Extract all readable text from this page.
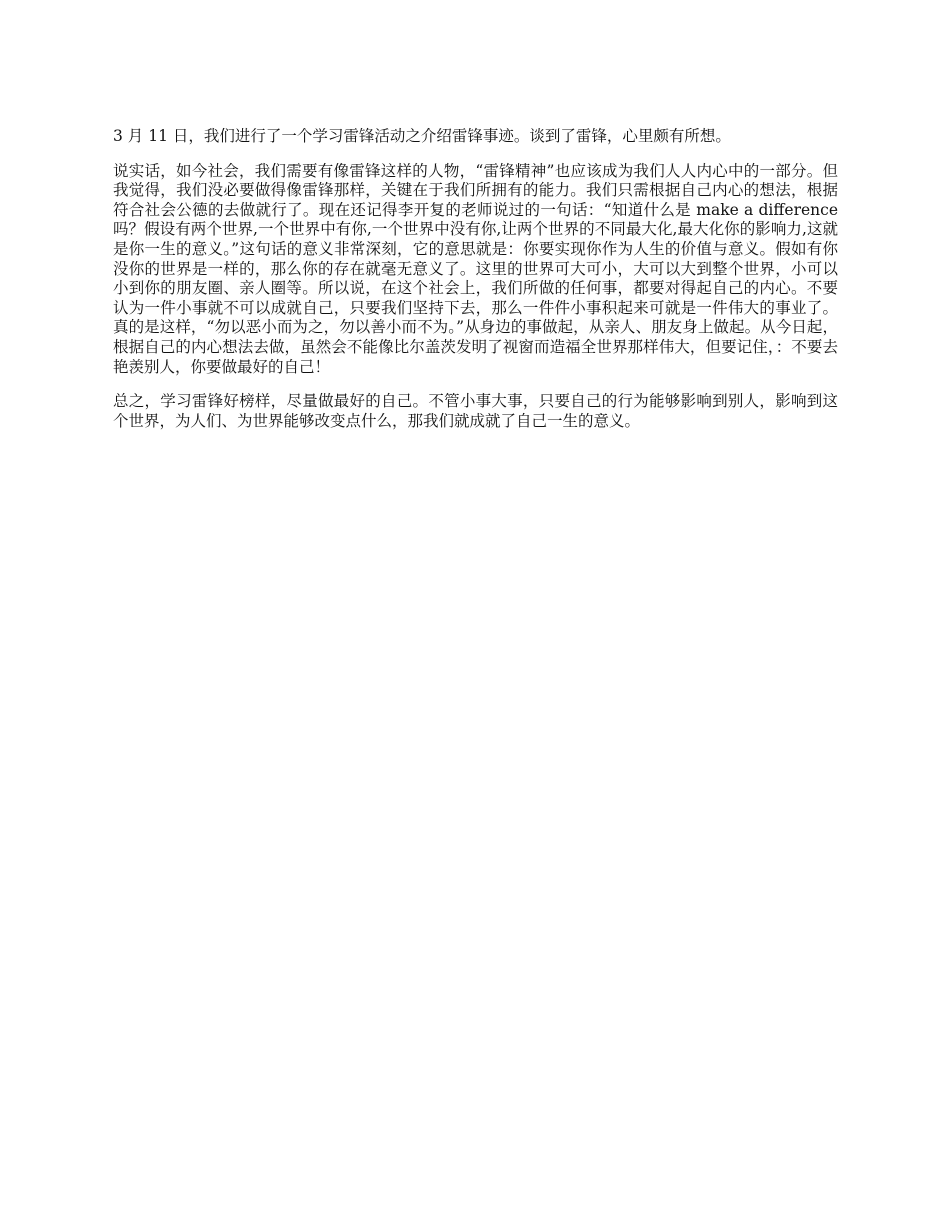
3 月 11 日，我们进行了一个学习雷锋活动之介绍雷锋事迹。谈到了雷锋，心里颇有所想。

说实话，如今社会，我们需要有像雷锋这样的人物，“雷锋精神”也应该成为我们人人内心中的一部分。但我觉得，我们没必要做得像雷锋那样，关键在于我们所拥有的能力。我们只需根据自己内心的想法，根据符合社会公德的去做就行了。现在还记得李开复的老师说过的一句话：“知道什么是 make a difference 吗？假设有两个世界,一个世界中有你,一个世界中没有你,让两个世界的不同最大化,最大化你的影响力,这就是你一生的意义。”这句话的意义非常深刻，它的意思就是：你要实现你作为人生的价值与意义。假如有你没你的世界是一样的，那么你的存在就毫无意义了。这里的世界可大可小，大可以大到整个世界，小可以小到你的朋友圈、亲人圈等。所以说，在这个社会上，我们所做的任何事，都要对得起自己的内心。不要认为一件小事就不可以成就自己，只要我们坚持下去，那么一件件小事积起来可就是一件伟大的事业了。真的是这样，“勿以恶小而为之，勿以善小而不为。”从身边的事做起，从亲人、朋友身上做起。从今日起，根据自己的内心想法去做，虽然会不能像比尔盖茨发明了视窗而造福全世界那样伟大，但要记住，：不要去艳羡别人，你要做最好的自己！

总之，学习雷锋好榜样，尽量做最好的自己。不管小事大事，只要自己的行为能够影响到别人，影响到这个世界，为人们、为世界能够改变点什么，那我们就成就了自己一生的意义。
